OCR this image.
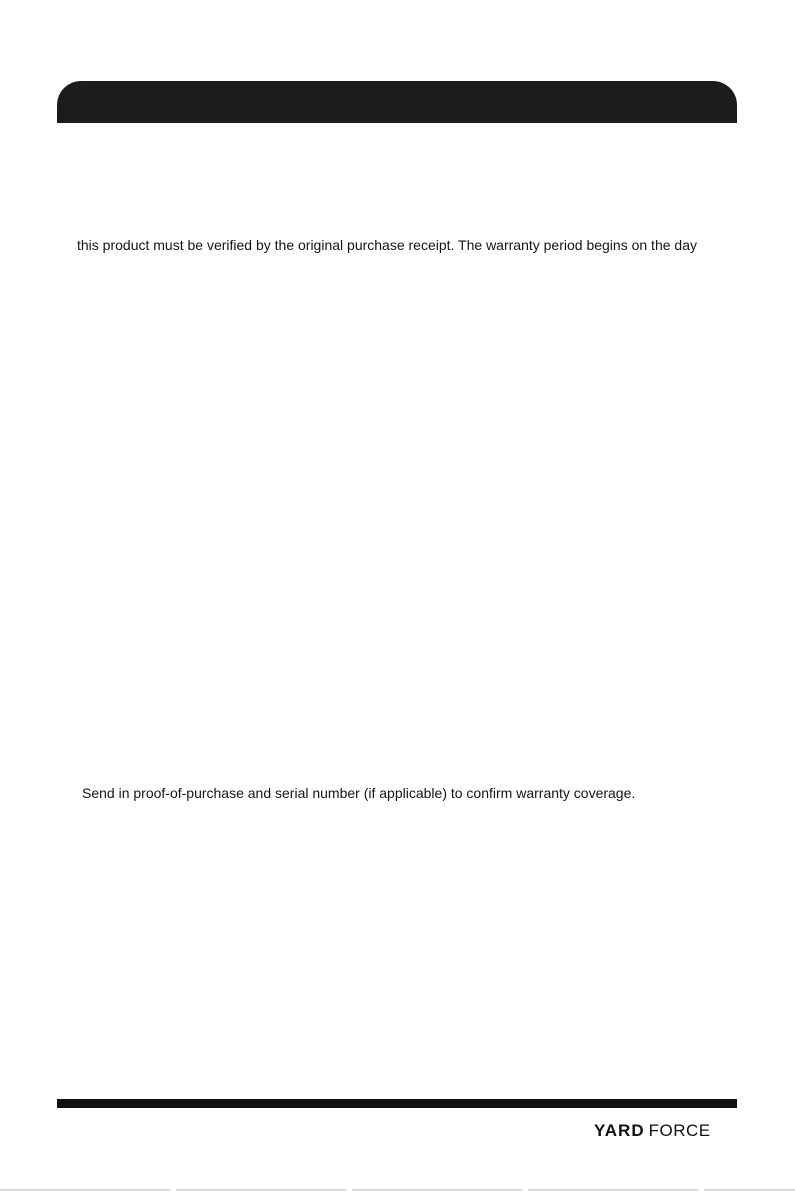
this product must be verified by the original purchase receipt. The warranty period begins on the day
Send in proof-of-purchase and serial number (if applicable) to confirm warranty coverage.
YARD FORCE
